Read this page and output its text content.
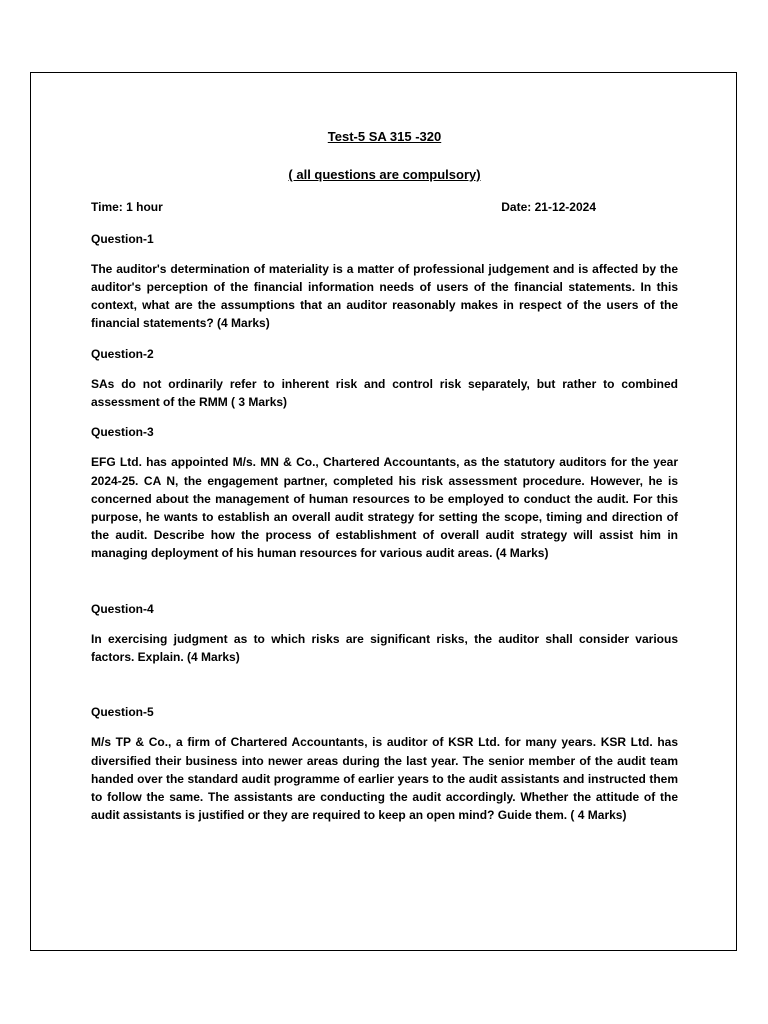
Test-5 SA 315 -320
( all questions are compulsory)
Time: 1 hour	Date: 21-12-2024
Question-1
The auditor's determination of materiality is a matter of professional judgement and is affected by the auditor's perception of the financial information needs of users of the financial statements. In this context, what are the assumptions that an auditor reasonably makes in respect of the users of the financial statements? (4 Marks)
Question-2
SAs do not ordinarily refer to inherent risk and control risk separately, but rather to combined assessment of the RMM ( 3 Marks)
Question-3
EFG Ltd. has appointed M/s. MN & Co., Chartered Accountants, as the statutory auditors for the year 2024-25. CA N, the engagement partner, completed his risk assessment procedure. However, he is concerned about the management of human resources to be employed to conduct the audit. For this purpose, he wants to establish an overall audit strategy for setting the scope, timing and direction of the audit. Describe how the process of establishment of overall audit strategy will assist him in managing deployment of his human resources for various audit areas. (4 Marks)
Question-4
In exercising judgment as to which risks are significant risks, the auditor shall consider various factors. Explain. (4 Marks)
Question-5
M/s TP & Co., a firm of Chartered Accountants, is auditor of KSR Ltd. for many years. KSR Ltd. has diversified their business into newer areas during the last year. The senior member of the audit team handed over the standard audit programme of earlier years to the audit assistants and instructed them to follow the same. The assistants are conducting the audit accordingly. Whether the attitude of the audit assistants is justified or they are required to keep an open mind? Guide them. ( 4 Marks)
